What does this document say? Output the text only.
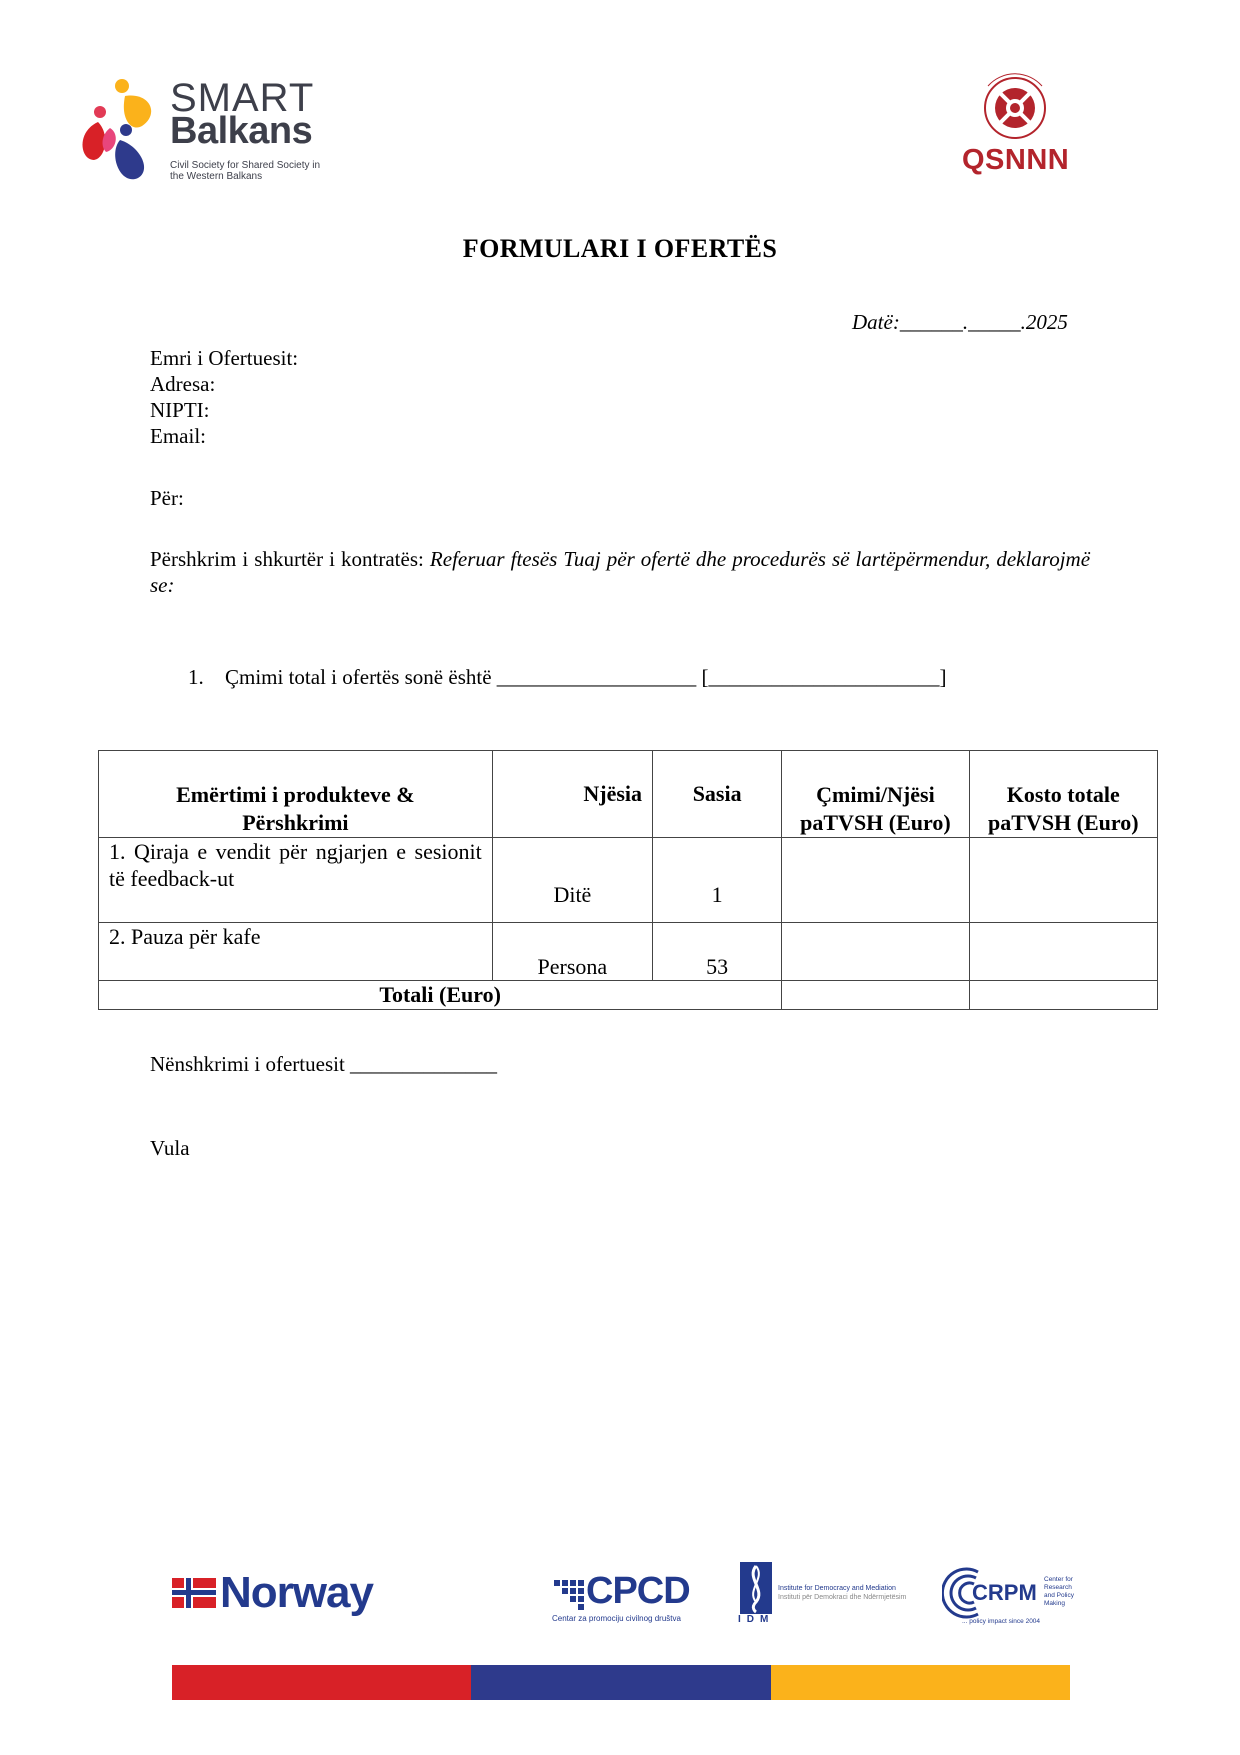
SMART
Balkans
Civil Society for Shared Society in the Western Balkans
QSNNN
FORMULARI I OFERTËS
Datë:______._____.2025
Emri i Ofertuesit:
Adresa:
NIPTI:
Email:
Për:
Përshkrim i shkurtër i kontratës: Referuar ftesës Tuaj për ofertë dhe procedurës së lartëpërmendur, deklarojmë se:
1. Çmimi total i ofertës sonë është ___________________ [______________________]
Emërtimi i produkteve & Përshkrimi	Njësia	Sasia	Çmimi/Njësi paTVSH (Euro)	Kosto totale paTVSH (Euro)
1. Qiraja e vendit për ngjarjen e sesionit të feedback-ut	Ditë	1		
2. Pauza për kafe	Persona	53		
Totali (Euro)				
Nënshkrimi i ofertuesit ______________
Vula
Norway	CPCD
Centar za promociju civilnog društva	IDM
Institute for Democracy and Mediation
Instituti për Demokraci dhe Ndërmjetësim	CRPM
Center for Research and Policy Making
... policy impact since 2004
